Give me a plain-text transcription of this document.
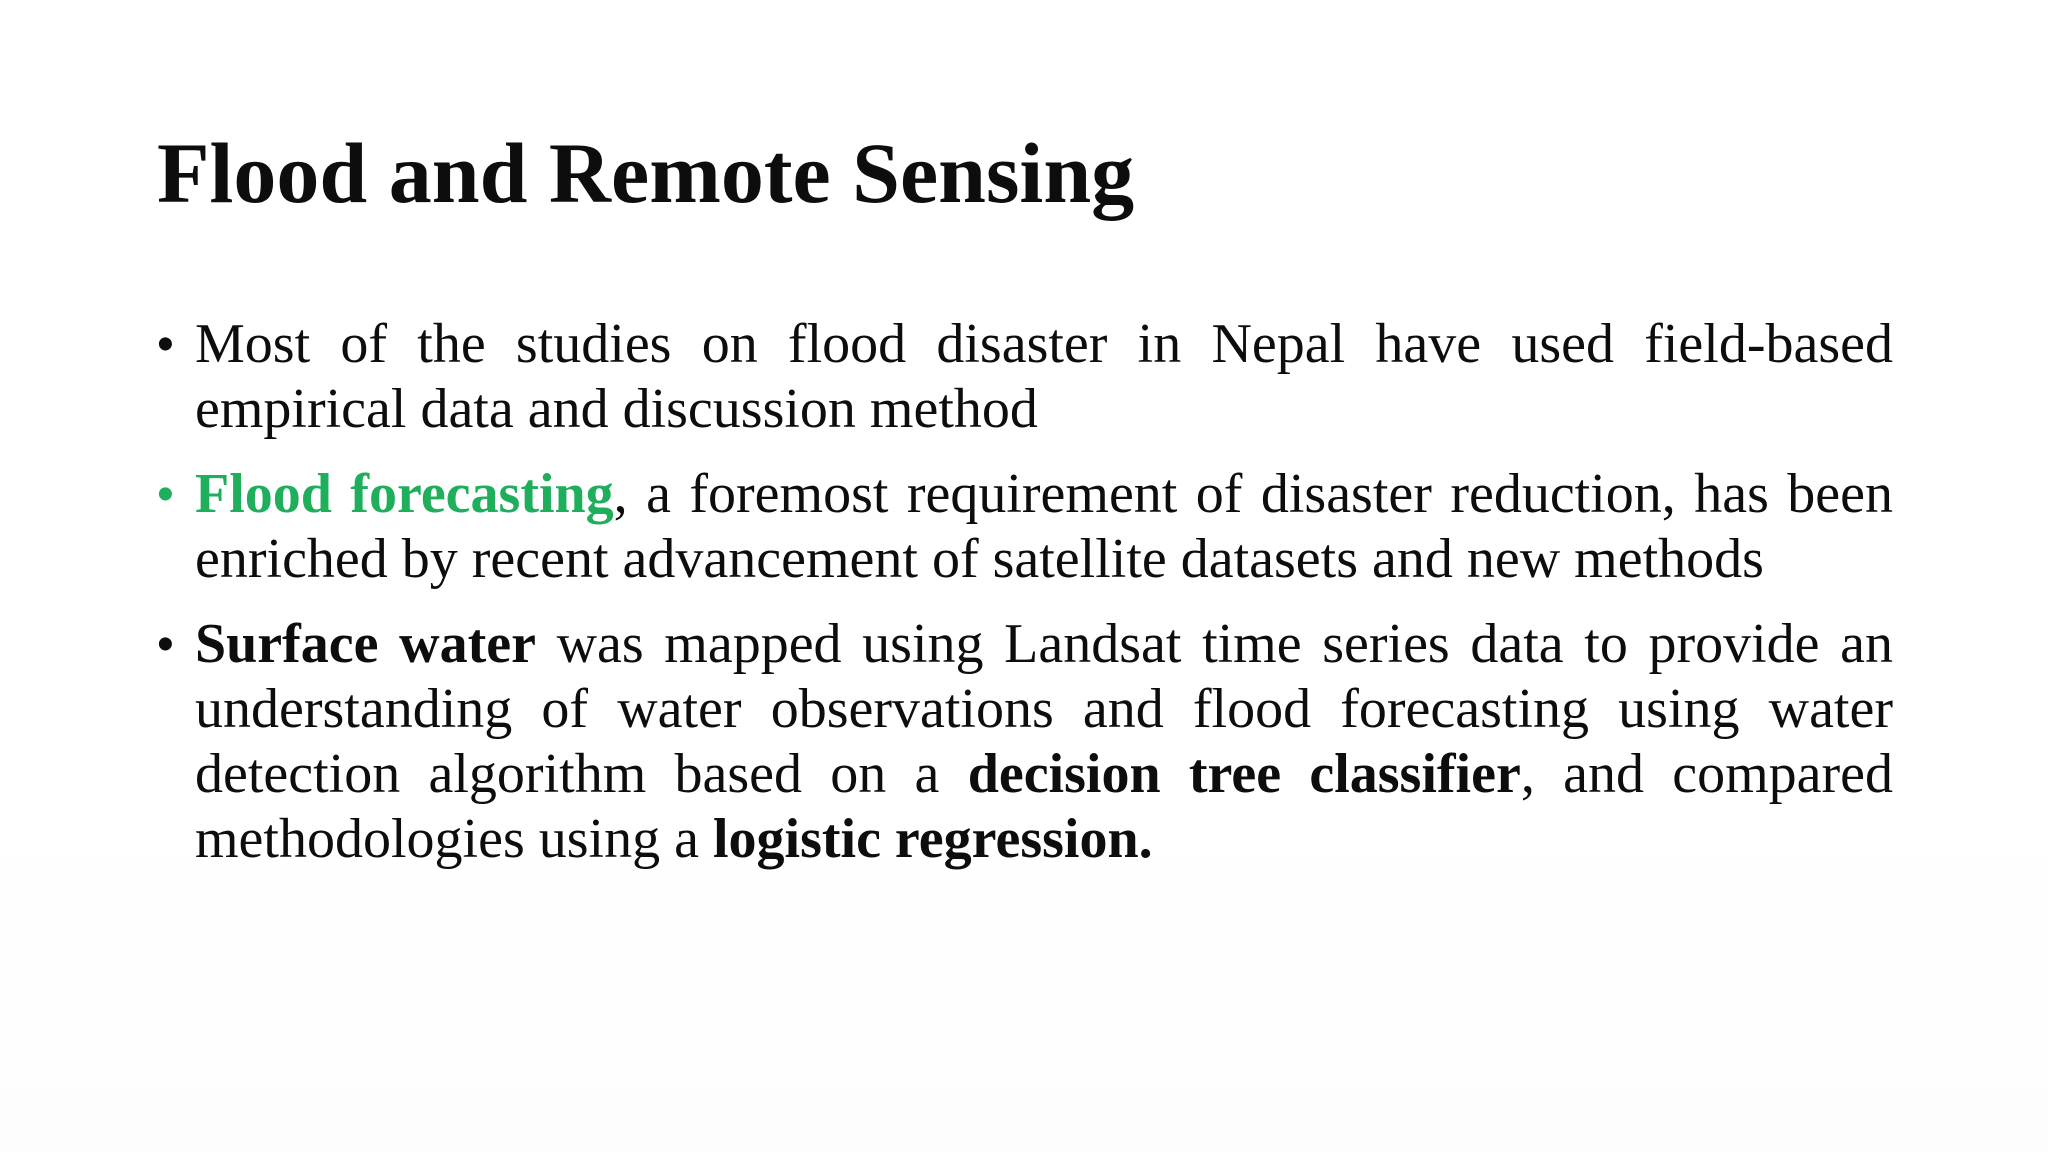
Flood and Remote Sensing
• Most of the studies on flood disaster in Nepal have used field-based empirical data and discussion method
• Flood forecasting, a foremost requirement of disaster reduction, has been enriched by recent advancement of satellite datasets and new methods
• Surface water was mapped using Landsat time series data to provide an understanding of water observations and flood forecasting using water detection algorithm based on a decision tree classifier, and compared methodologies using a logistic regression.
